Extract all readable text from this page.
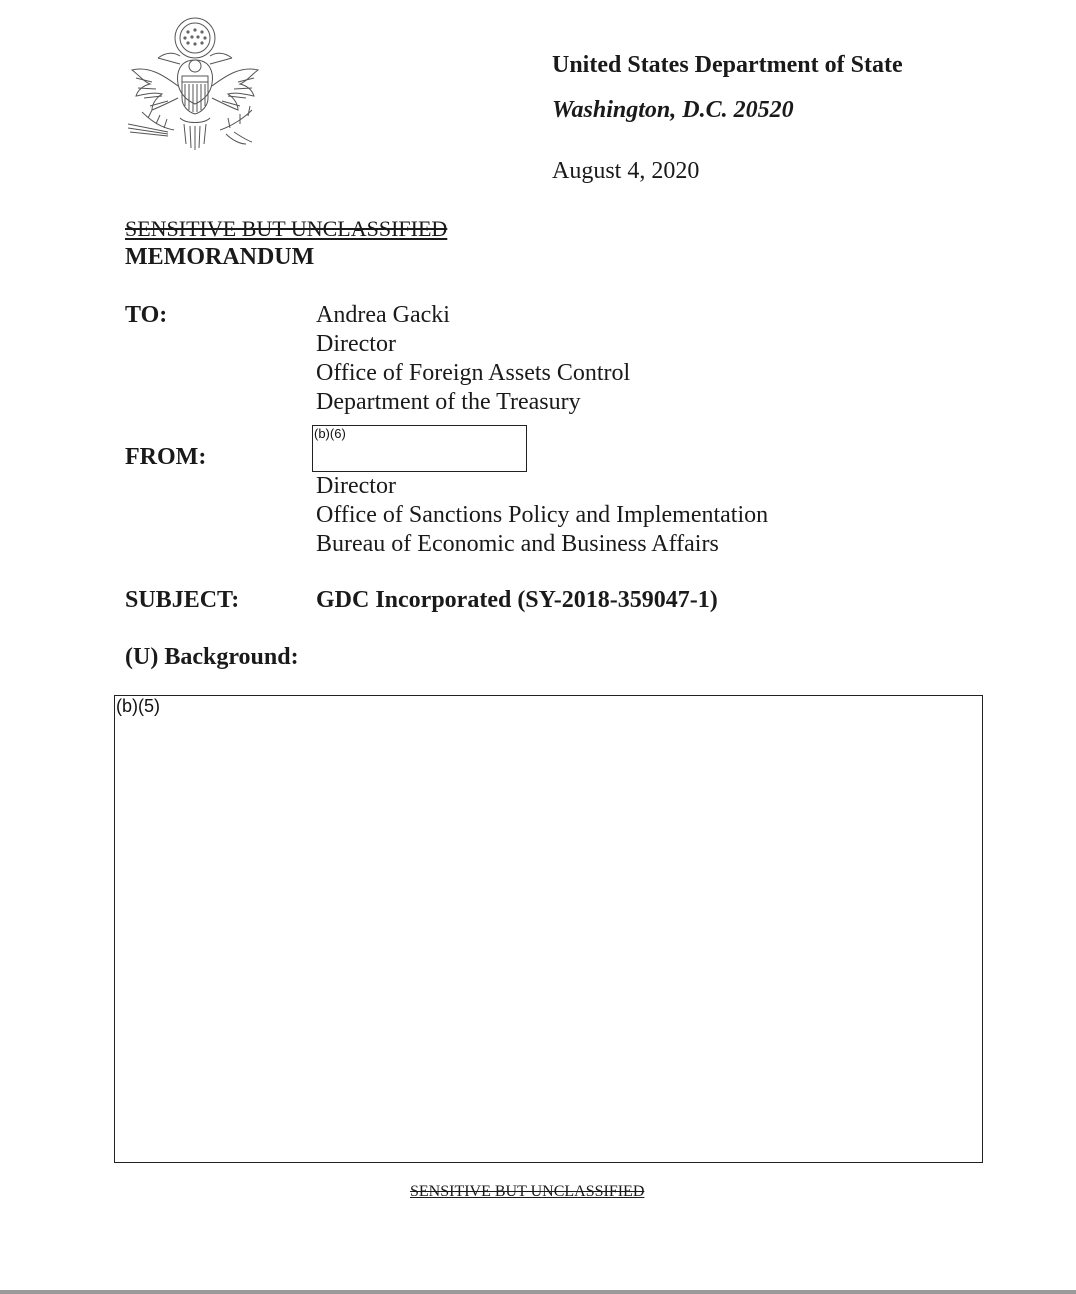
United States Department of State
Washington, D.C. 20520
August 4, 2020
SENSITIVE BUT UNCLASSIFIED
MEMORANDUM
TO:	Andrea Gacki
Director
Office of Foreign Assets Control
Department of the Treasury
FROM:
(b)(6)
Director
Office of Sanctions Policy and Implementation
Bureau of Economic and Business Affairs
SUBJECT:	GDC Incorporated (SY-2018-359047-1)
(U) Background:
(b)(5)
SENSITIVE BUT UNCLASSIFIED
